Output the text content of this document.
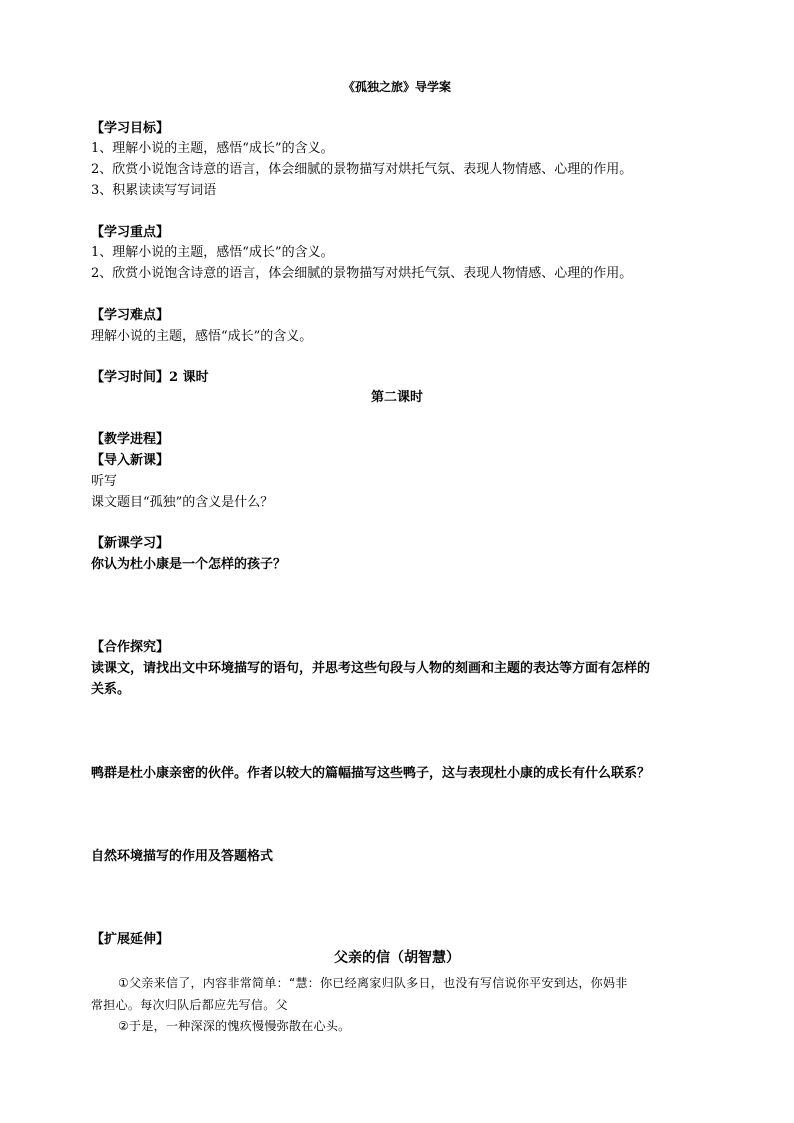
《孤独之旅》导学案
【学习目标】
1、理解小说的主题，感悟“成长”的含义。
2、欣赏小说饱含诗意的语言，体会细腻的景物描写对烘托气氛、表现人物情感、心理的作用。
3、积累读读写写词语
【学习重点】
1、理解小说的主题，感悟“成长”的含义。
2、欣赏小说饱含诗意的语言，体会细腻的景物描写对烘托气氛、表现人物情感、心理的作用。
【学习难点】
理解小说的主题，感悟“成长”的含义。
【学习时间】2 课时
第二课时
【教学进程】
【导入新课】
听写
课文题目“孤独”的含义是什么？
【新课学习】
你认为杜小康是一个怎样的孩子？
【合作探究】
读课文，请找出文中环境描写的语句，并思考这些句段与人物的刻画和主题的表达等方面有怎样的
关系。
鸭群是杜小康亲密的伙伴。作者以较大的篇幅描写这些鸭子，这与表现杜小康的成长有什么联系？
自然环境描写的作用及答题格式
【扩展延伸】
父亲的信（胡智慧）
①父亲来信了，内容非常简单：“慧：你已经离家归队多日，也没有写信说你平安到达，你妈非
常担心。每次归队后都应先写信。父
②于是，一种深深的愧疚慢慢弥散在心头。
